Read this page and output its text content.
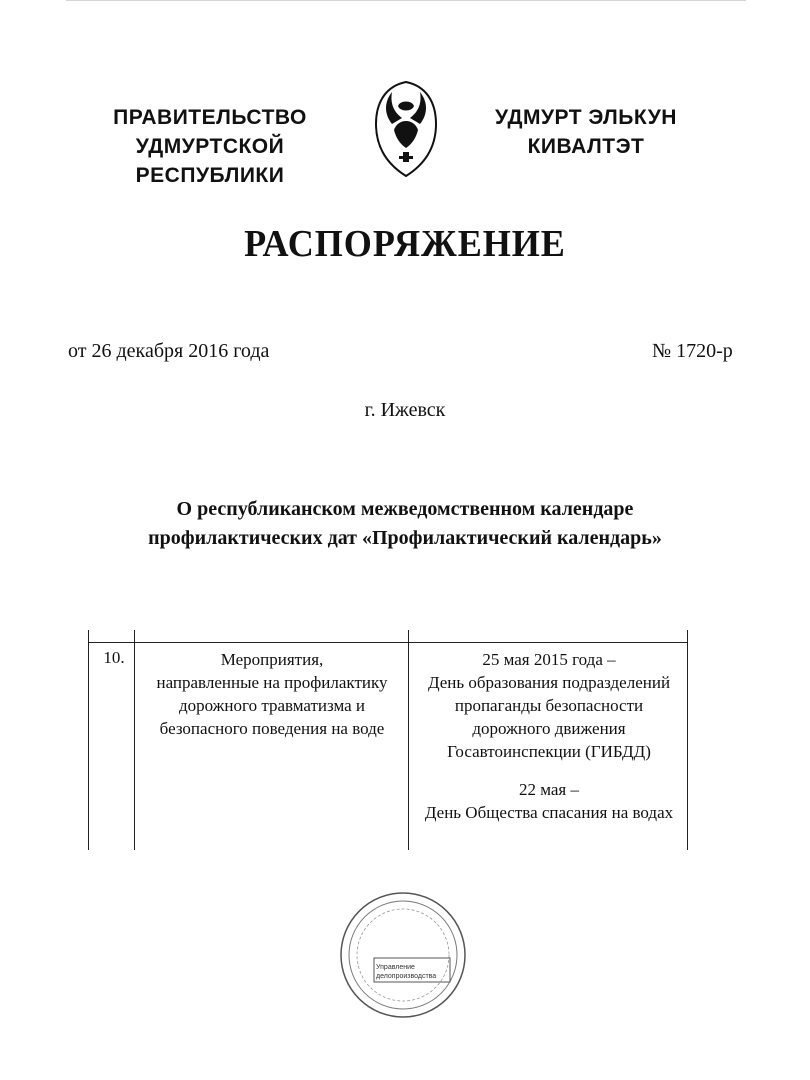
ПРАВИТЕЛЬСТВО
УДМУРТСКОЙ РЕСПУБЛИКИ
УДМУРТ ЭЛЬКУН
КИВАЛТЭТ
РАСПОРЯЖЕНИЕ
от 26 декабря 2016 года	№ 1720-р
г. Ижевск
О республиканском межведомственном календаре
профилактических дат «Профилактический календарь»
10.	Мероприятия,
направленные на профилактику
дорожного травматизма и
безопасного поведения на воде
25 мая 2015 года –
День образования подразделений
пропаганды безопасности
дорожного движения
Госавтоинспекции (ГИБДД)
22 мая –
День Общества спасания на водах
Управление
делопроизводства
